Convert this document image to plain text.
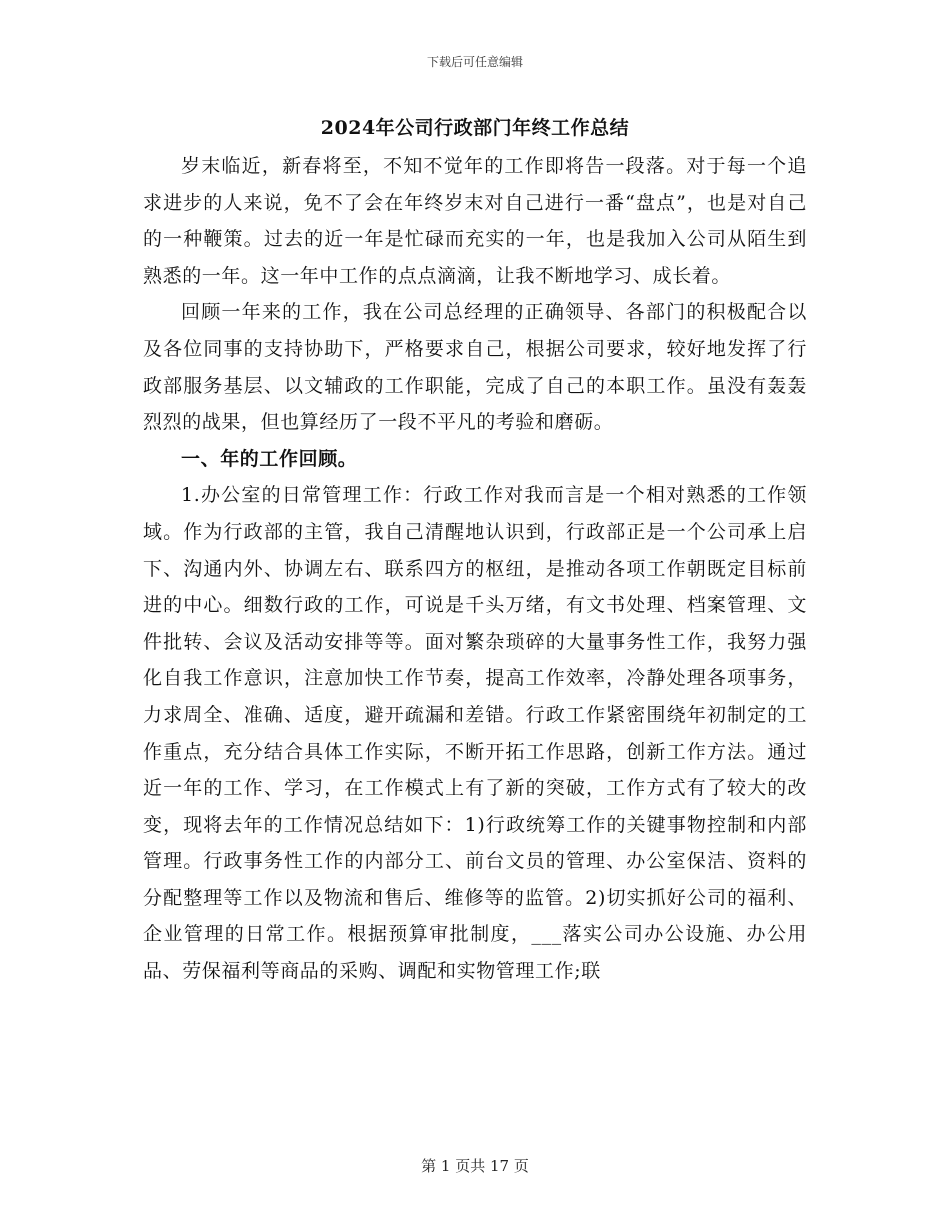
下载后可任意编辑
2024年公司行政部门年终工作总结

岁末临近，新春将至，不知不觉年的工作即将告一段落。对于每一个追求进步的人来说，免不了会在年终岁末对自己进行一番“盘点”，也是对自己的一种鞭策。过去的近一年是忙碌而充实的一年，也是我加入公司从陌生到熟悉的一年。这一年中工作的点点滴滴，让我不断地学习、成长着。

回顾一年来的工作，我在公司总经理的正确领导、各部门的积极配合以及各位同事的支持协助下，严格要求自己，根据公司要求，较好地发挥了行政部服务基层、以文辅政的工作职能，完成了自己的本职工作。虽没有轰轰烈烈的战果，但也算经历了一段不平凡的考验和磨砺。

一、年的工作回顾。

1.办公室的日常管理工作：行政工作对我而言是一个相对熟悉的工作领域。作为行政部的主管，我自己清醒地认识到，行政部正是一个公司承上启下、沟通内外、协调左右、联系四方的枢纽，是推动各项工作朝既定目标前进的中心。细数行政的工作，可说是千头万绪，有文书处理、档案管理、文件批转、会议及活动安排等等。面对繁杂琐碎的大量事务性工作，我努力强化自我工作意识，注意加快工作节奏，提高工作效率，冷静处理各项事务，力求周全、准确、适度，避开疏漏和差错。行政工作紧密围绕年初制定的工作重点，充分结合具体工作实际，不断开拓工作思路，创新工作方法。通过近一年的工作、学习，在工作模式上有了新的突破，工作方式有了较大的改变，现将去年的工作情况总结如下：1)行政统筹工作的关键事物控制和内部管理。行政事务性工作的内部分工、前台文员的管理、办公室保洁、资料的分配整理等工作以及物流和售后、维修等的监管。2)切实抓好公司的福利、企业管理的日常工作。根据预算审批制度，___落实公司办公设施、办公用品、劳保福利等商品的采购、调配和实物管理工作;联

第 1 页共 17 页
